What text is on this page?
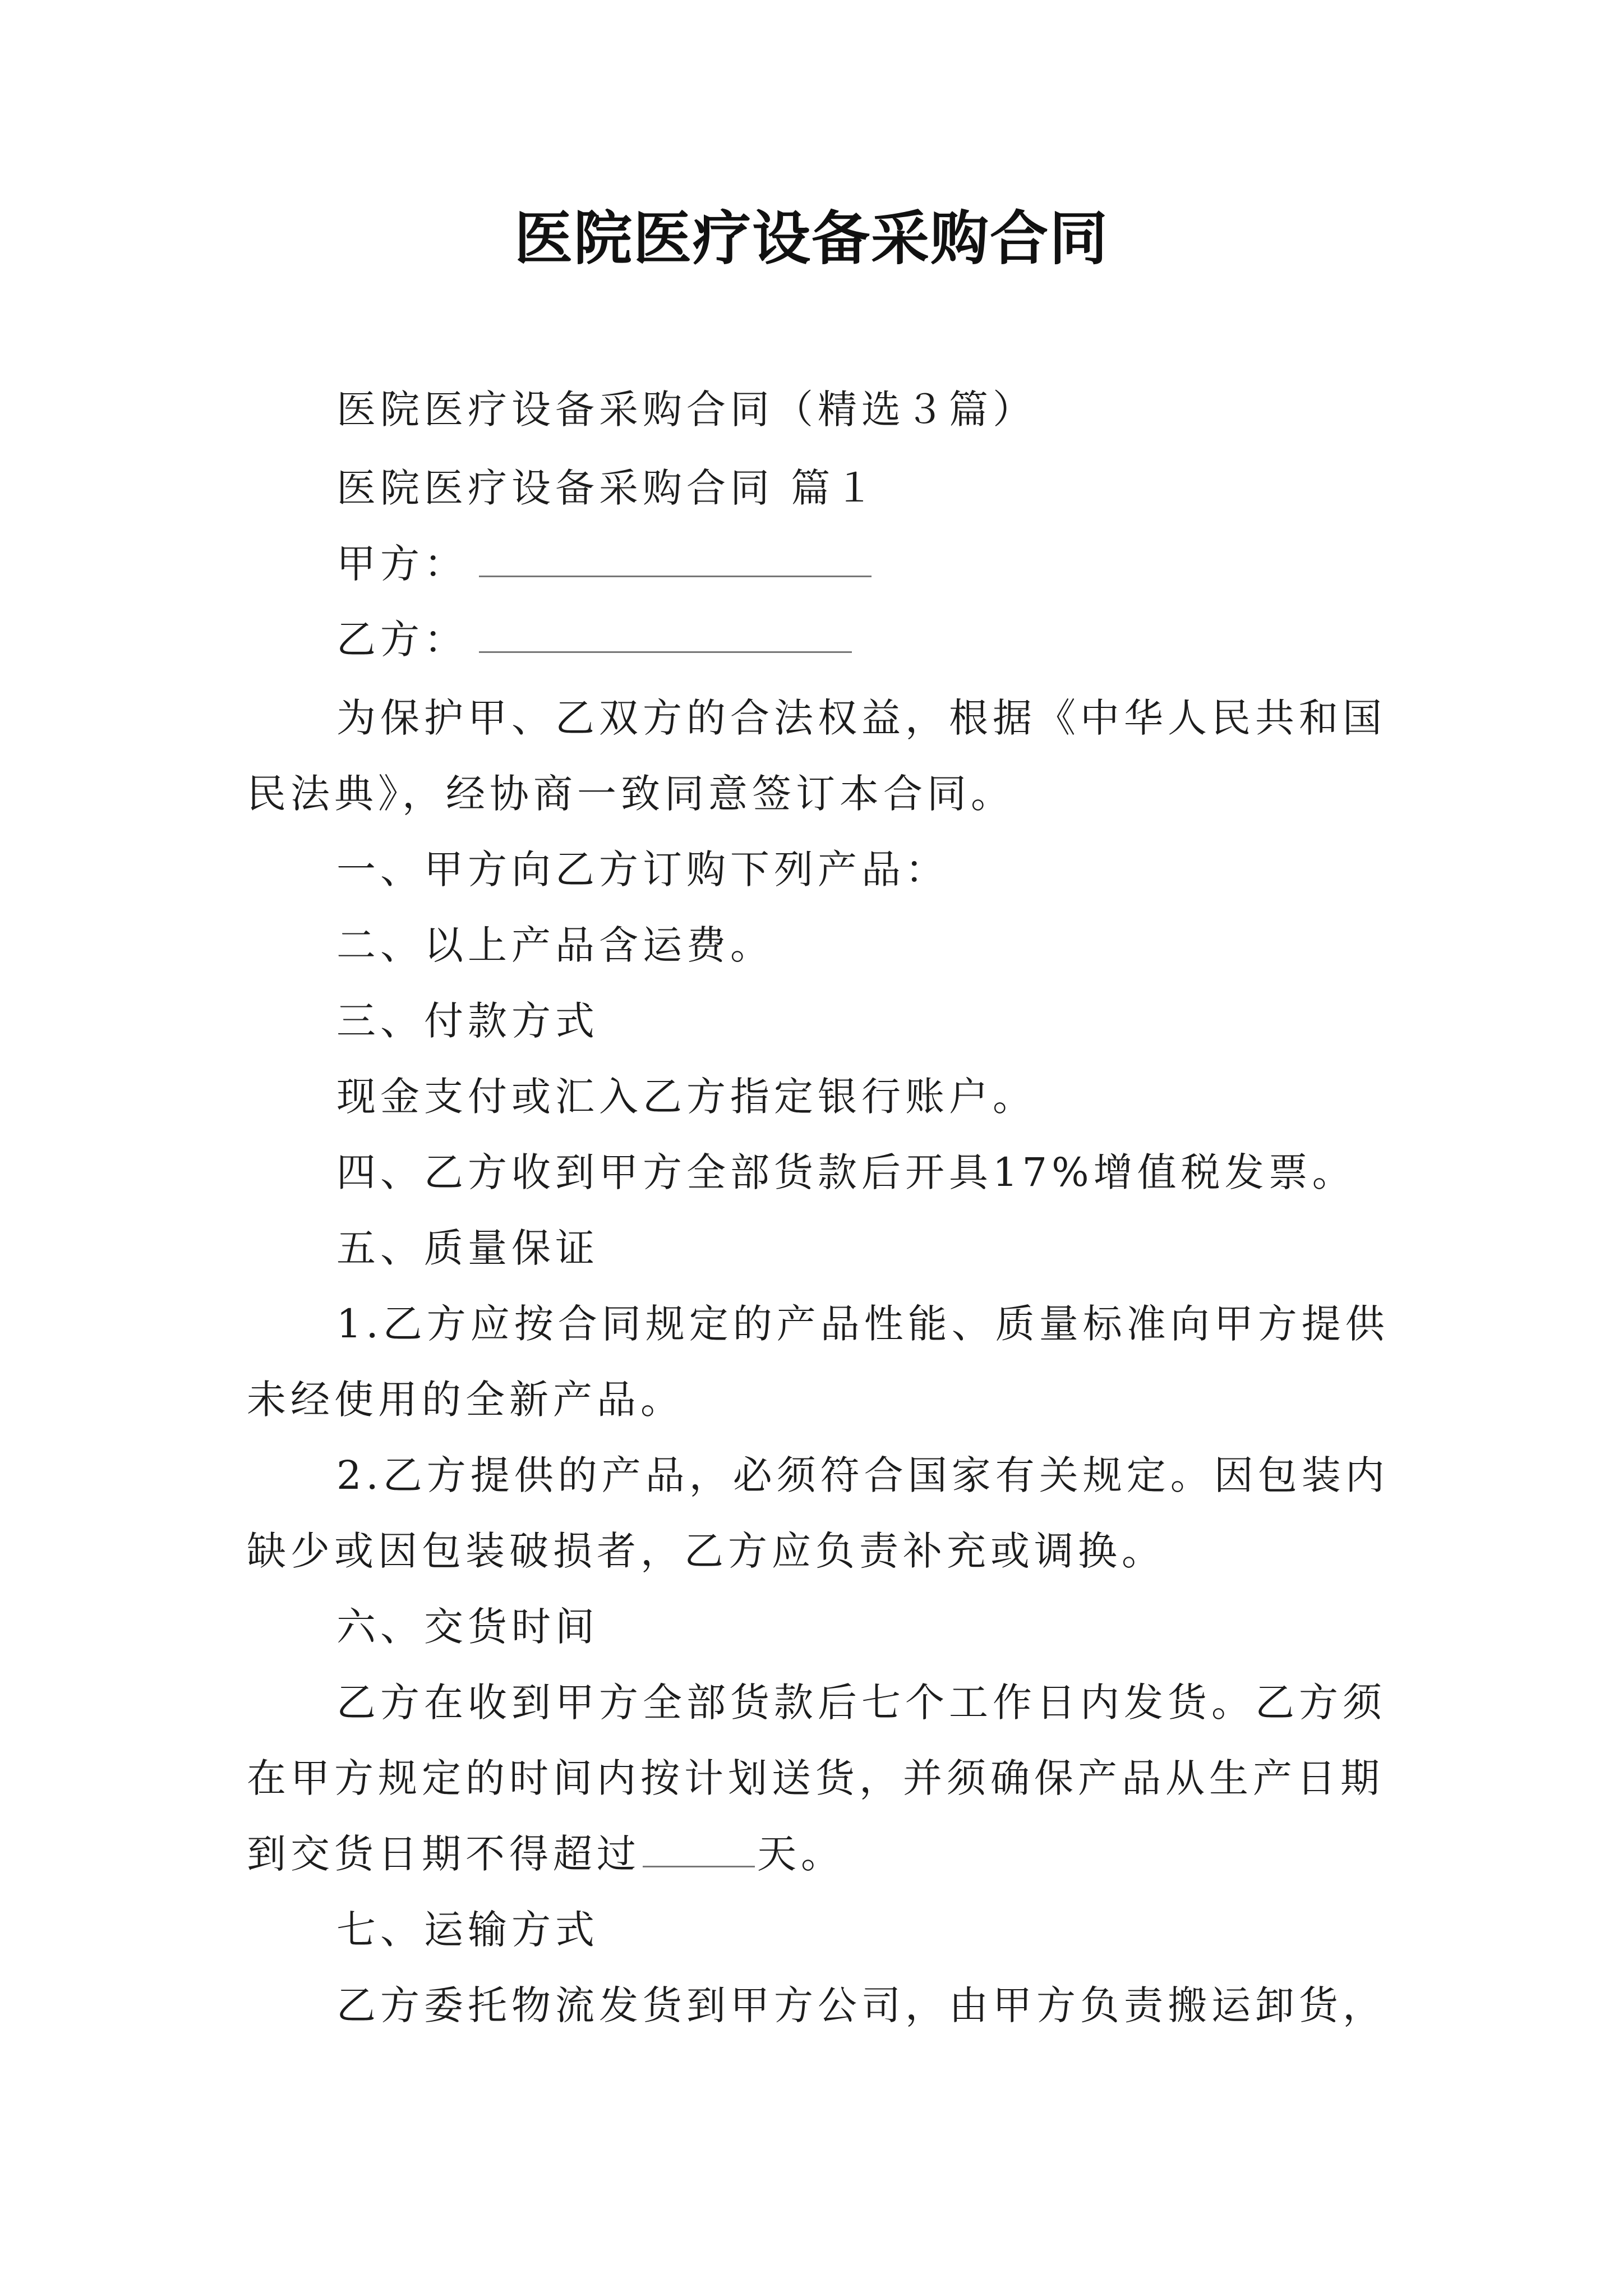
医院医疗设备采购合同
医院医疗设备采购合同（精选３篇）
医院医疗设备采购合同 篇１
甲方：
乙方：
为保护甲、乙双方的合法权益，根据《中华人民共和国
民法典》，经协商一致同意签订本合同。
一、甲方向乙方订购下列产品：
二、以上产品含运费。
三、付款方式
现金支付或汇入乙方指定银行账户。
四、乙方收到甲方全部货款后开具17%增值税发票。
五、质量保证
1.乙方应按合同规定的产品性能、质量标准向甲方提供
未经使用的全新产品。
2.乙方提供的产品，必须符合国家有关规定。因包装内
缺少或因包装破损者，乙方应负责补充或调换。
六、交货时间
乙方在收到甲方全部货款后七个工作日内发货。乙方须
在甲方规定的时间内按计划送货，并须确保产品从生产日期
到交货日期不得超过	天。
七、运输方式
乙方委托物流发货到甲方公司，由甲方负责搬运卸货，
